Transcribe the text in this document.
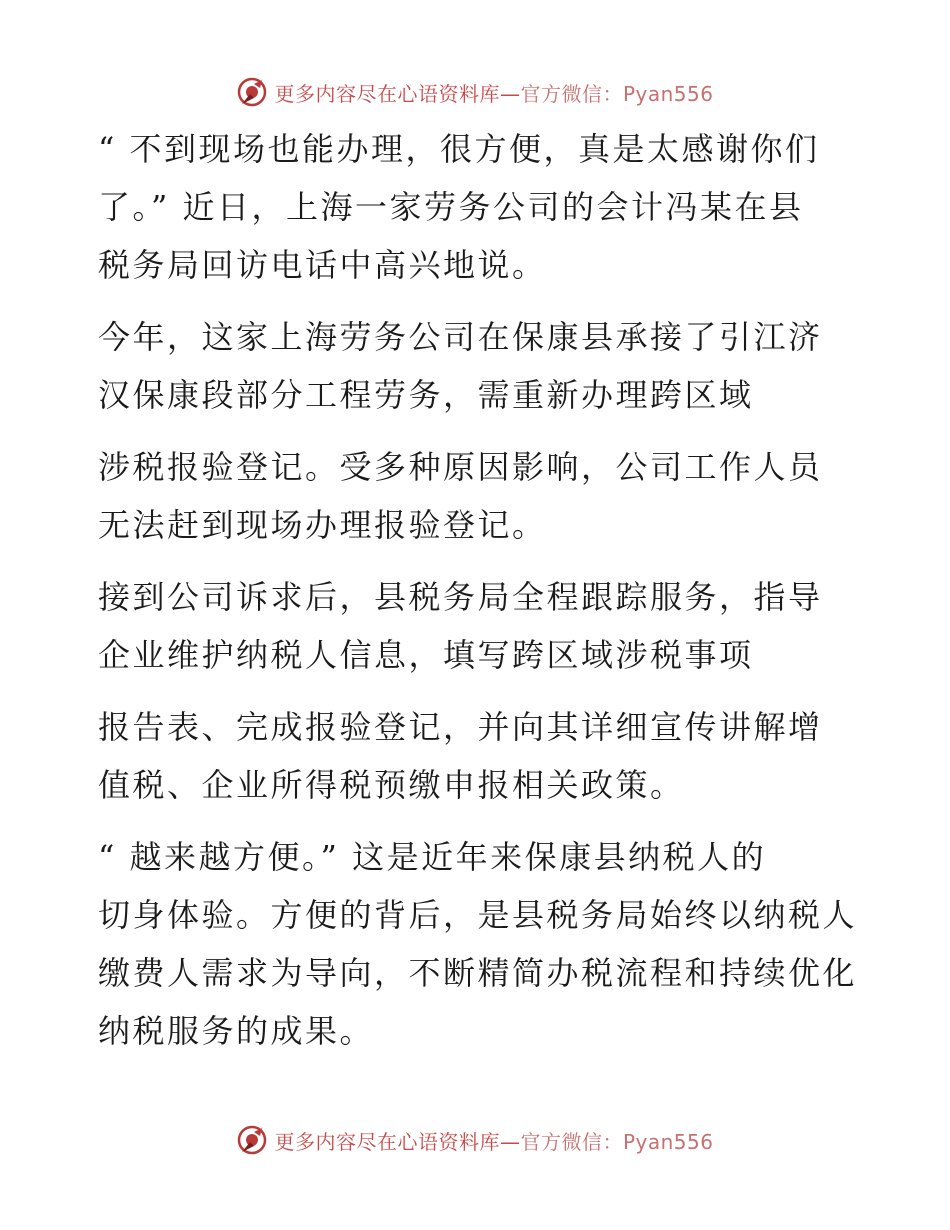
更多内容尽在心语资料库—官方微信：Pyan556
“ 不到现场也能办理，很方便，真是太感谢你们
了。” 近日，上海一家劳务公司的会计冯某在县
税务局回访电话中高兴地说。
今年，这家上海劳务公司在保康县承接了引江济
汉保康段部分工程劳务，需重新办理跨区域
涉税报验登记。受多种原因影响，公司工作人员
无法赶到现场办理报验登记。
接到公司诉求后，县税务局全程跟踪服务，指导
企业维护纳税人信息，填写跨区域涉税事项
报告表、完成报验登记，并向其详细宣传讲解增
值税、企业所得税预缴申报相关政策。
“ 越来越方便。” 这是近年来保康县纳税人的
切身体验。方便的背后，是县税务局始终以纳税人
缴费人需求为导向，不断精简办税流程和持续优化
纳税服务的成果。
更多内容尽在心语资料库—官方微信：Pyan556
